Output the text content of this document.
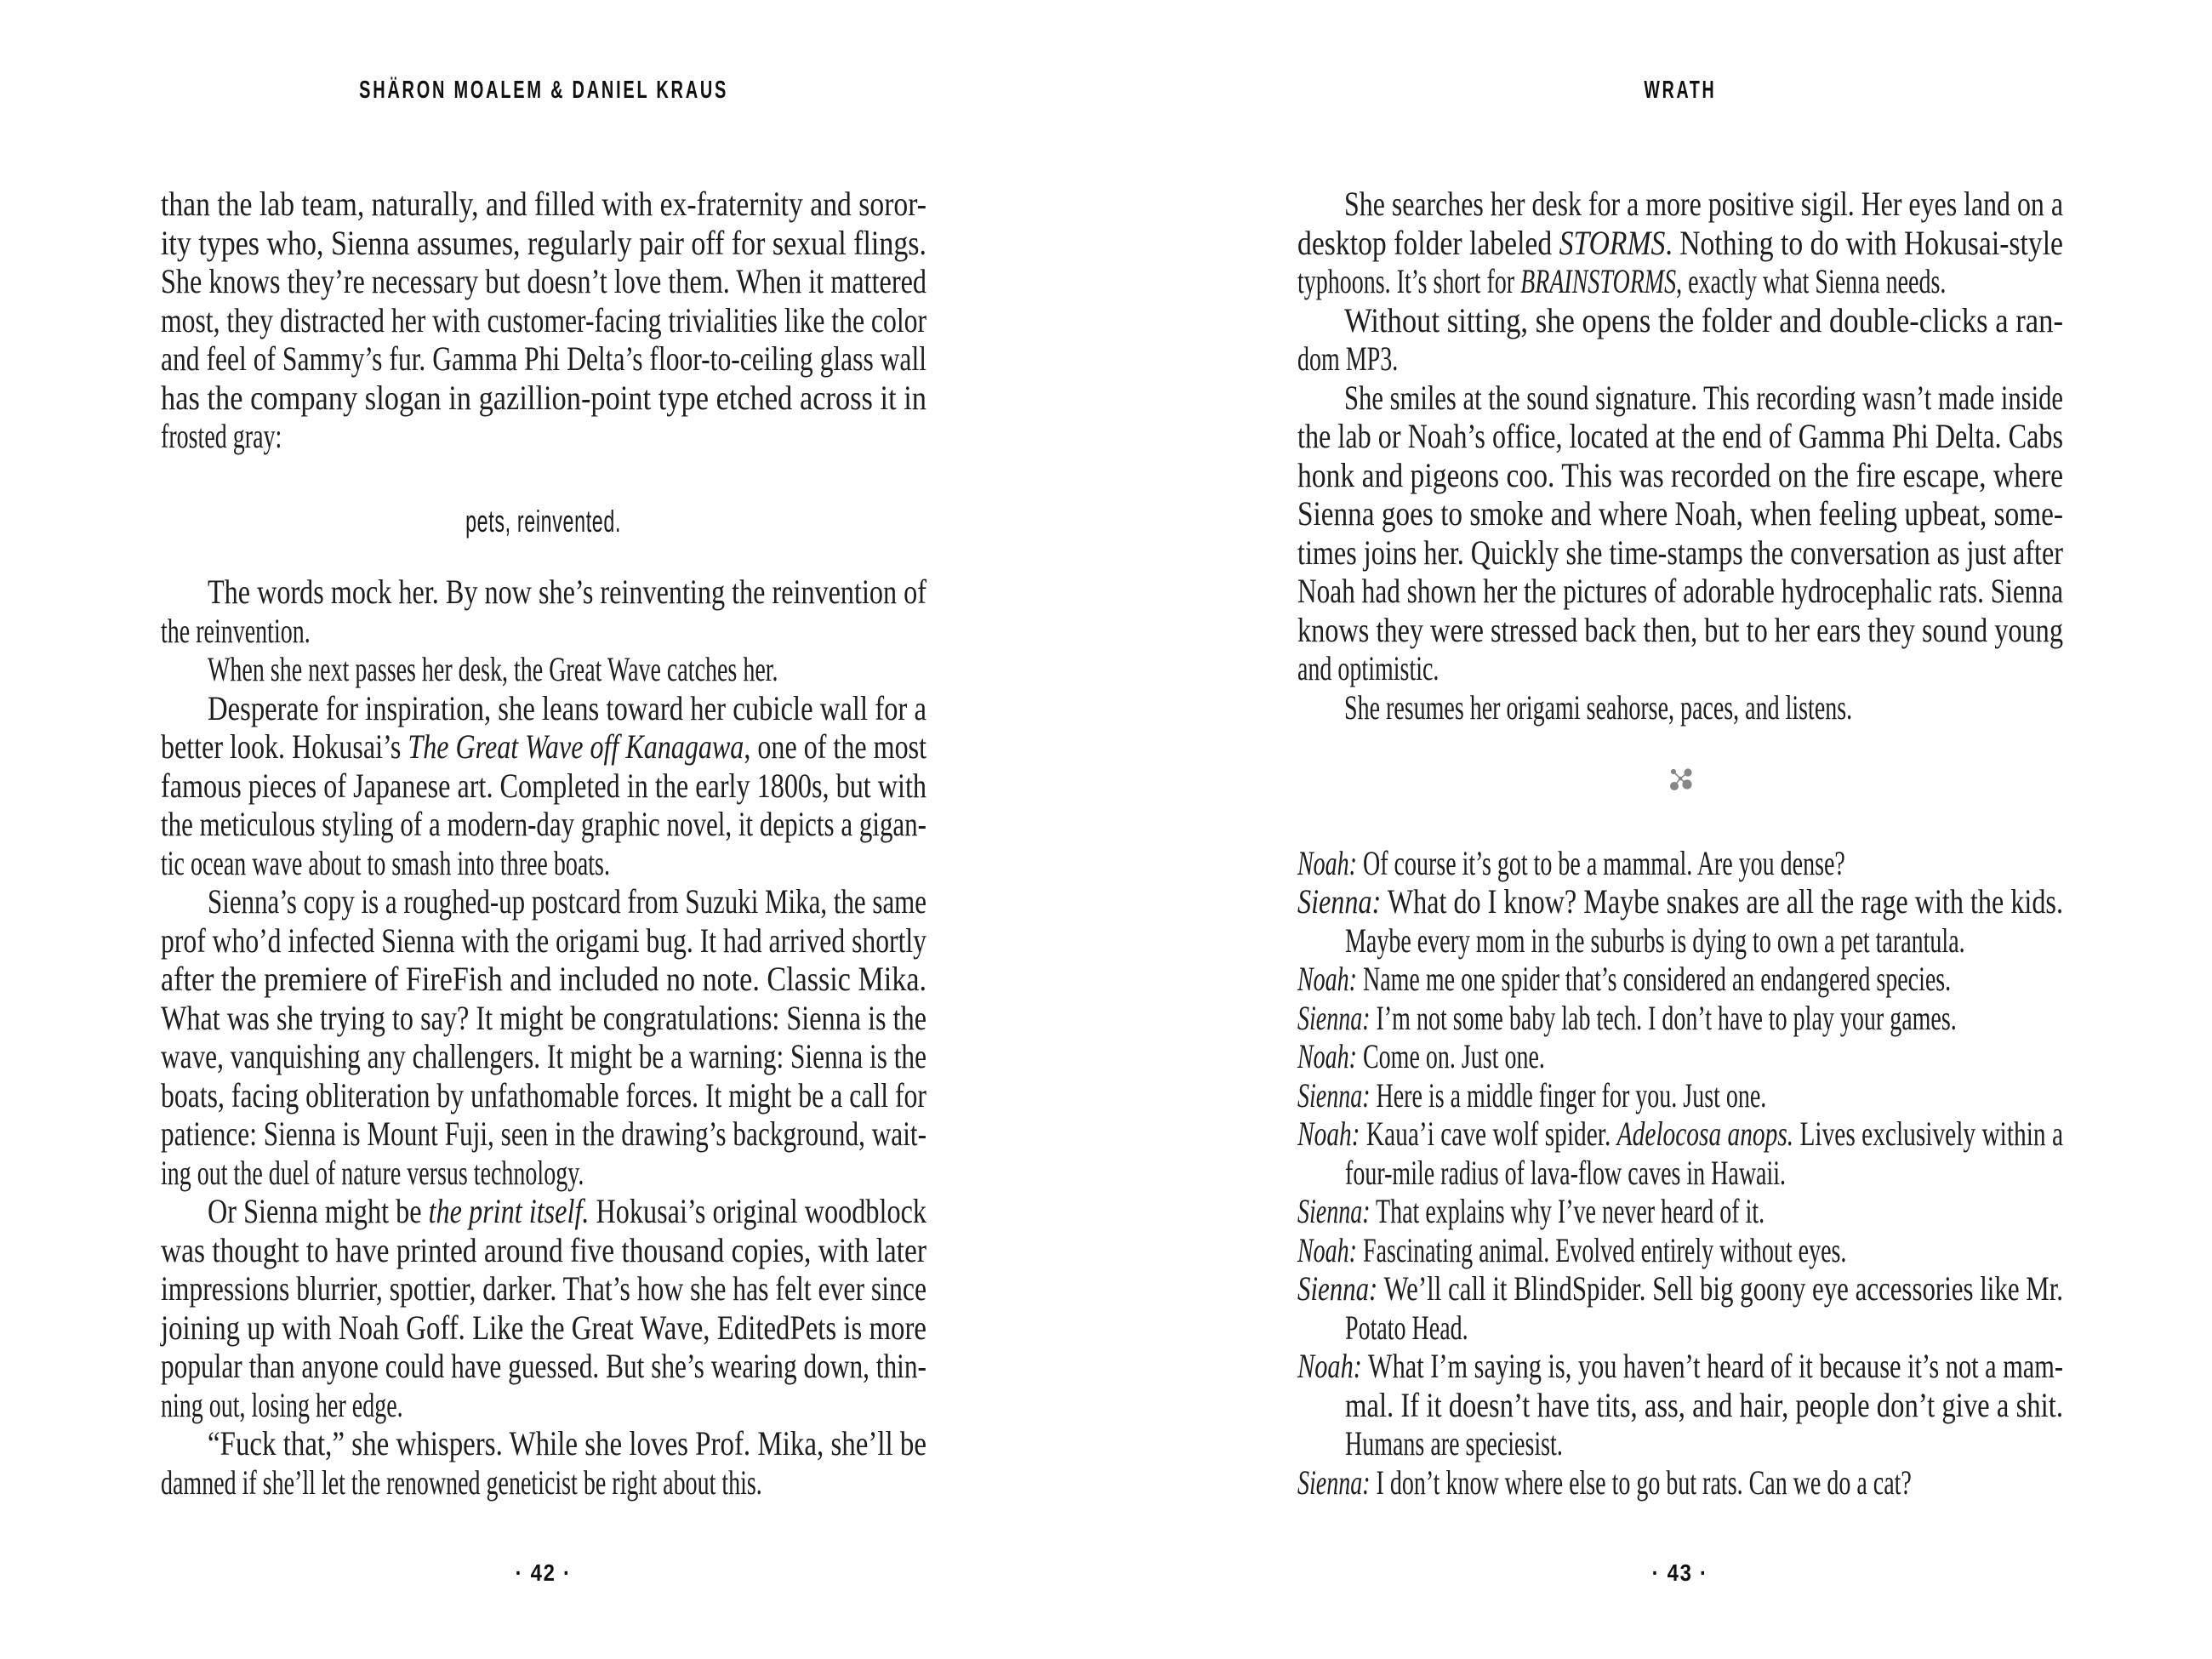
SHÄRON MOALEM & DANIEL KRAUS
than the lab team, naturally, and filled with ex-fraternity and soror-
ity types who, Sienna assumes, regularly pair off for sexual flings.
She knows they’re necessary but doesn’t love them. When it mattered
most, they distracted her with customer-facing trivialities like the color
and feel of Sammy’s fur. Gamma Phi Delta’s floor-to-ceiling glass wall
has the company slogan in gazillion-point type etched across it in
frosted gray:
pets, reinvented.
The words mock her. By now she’s reinventing the reinvention of
the reinvention.
When she next passes her desk, the Great Wave catches her.
Desperate for inspiration, she leans toward her cubicle wall for a
better look. Hokusai’s The Great Wave off Kanagawa, one of the most
famous pieces of Japanese art. Completed in the early 1800s, but with
the meticulous styling of a modern-day graphic novel, it depicts a gigan-
tic ocean wave about to smash into three boats.
Sienna’s copy is a roughed-up postcard from Suzuki Mika, the same
prof who’d infected Sienna with the origami bug. It had arrived shortly
after the premiere of FireFish and included no note. Classic Mika.
What was she trying to say? It might be congratulations: Sienna is the
wave, vanquishing any challengers. It might be a warning: Sienna is the
boats, facing obliteration by unfathomable forces. It might be a call for
patience: Sienna is Mount Fuji, seen in the drawing’s background, wait-
ing out the duel of nature versus technology.
Or Sienna might be the print itself. Hokusai’s original woodblock
was thought to have printed around five thousand copies, with later
impressions blurrier, spottier, darker. That’s how she has felt ever since
joining up with Noah Goff. Like the Great Wave, EditedPets is more
popular than anyone could have guessed. But she’s wearing down, thin-
ning out, losing her edge.
“Fuck that,” she whispers. While she loves Prof. Mika, she’ll be
damned if she’ll let the renowned geneticist be right about this.
· 42 ·
WRATH
She searches her desk for a more positive sigil. Her eyes land on a
desktop folder labeled STORMS. Nothing to do with Hokusai-style
typhoons. It’s short for BRAINSTORMS, exactly what Sienna needs.
Without sitting, she opens the folder and double-clicks a ran-
dom MP3.
She smiles at the sound signature. This recording wasn’t made inside
the lab or Noah’s office, located at the end of Gamma Phi Delta. Cabs
honk and pigeons coo. This was recorded on the fire escape, where
Sienna goes to smoke and where Noah, when feeling upbeat, some-
times joins her. Quickly she time-stamps the conversation as just after
Noah had shown her the pictures of adorable hydrocephalic rats. Sienna
knows they were stressed back then, but to her ears they sound young
and optimistic.
She resumes her origami seahorse, paces, and listens.
Noah: Of course it’s got to be a mammal. Are you dense?
Sienna: What do I know? Maybe snakes are all the rage with the kids.
Maybe every mom in the suburbs is dying to own a pet tarantula.
Noah: Name me one spider that’s considered an endangered species.
Sienna: I’m not some baby lab tech. I don’t have to play your games.
Noah: Come on. Just one.
Sienna: Here is a middle finger for you. Just one.
Noah: Kaua’i cave wolf spider. Adelocosa anops. Lives exclusively within a
four-mile radius of lava-flow caves in Hawaii.
Sienna: That explains why I’ve never heard of it.
Noah: Fascinating animal. Evolved entirely without eyes.
Sienna: We’ll call it BlindSpider. Sell big goony eye accessories like Mr.
Potato Head.
Noah: What I’m saying is, you haven’t heard of it because it’s not a mam-
mal. If it doesn’t have tits, ass, and hair, people don’t give a shit.
Humans are speciesist.
Sienna: I don’t know where else to go but rats. Can we do a cat?
· 43 ·
